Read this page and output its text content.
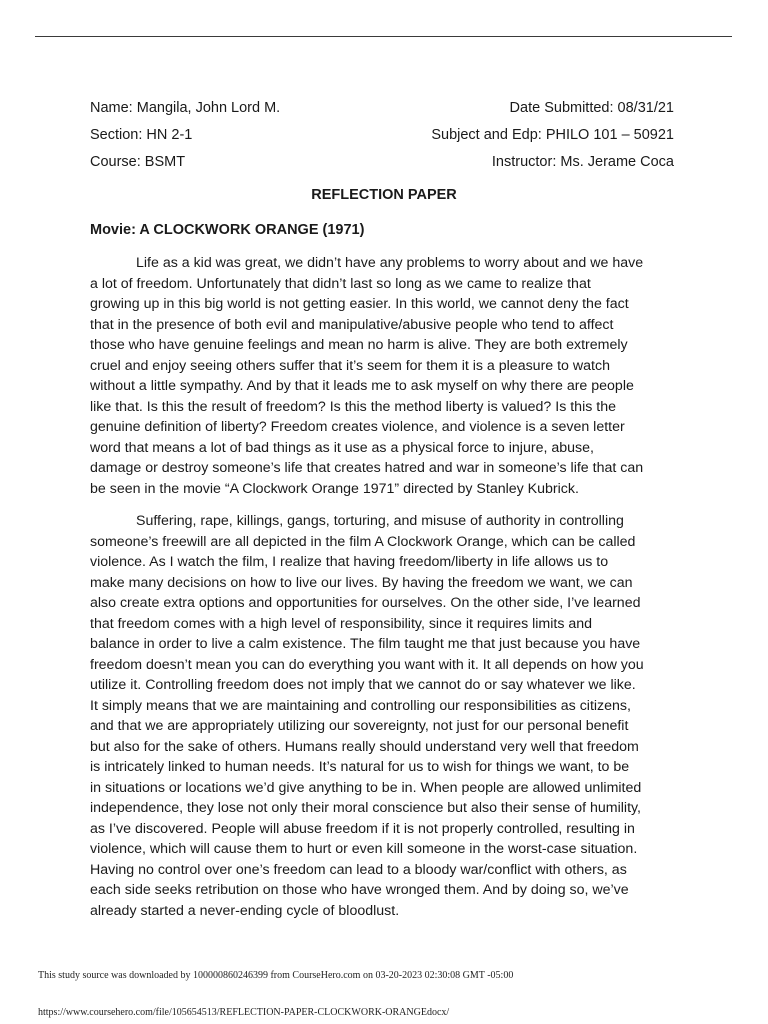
Name: Mangila, John Lord M.	Date Submitted: 08/31/21
Section: HN 2-1	Subject and Edp: PHILO 101 – 50921
Course: BSMT	Instructor: Ms. Jerame Coca
REFLECTION PAPER
Movie: A CLOCKWORK ORANGE (1971)

Life as a kid was great, we didn’t have any problems to worry about and we have
a lot of freedom. Unfortunately that didn’t last so long as we came to realize that
growing up in this big world is not getting easier. In this world, we cannot deny the fact
that in the presence of both evil and manipulative/abusive people who tend to affect
those who have genuine feelings and mean no harm is alive. They are both extremely
cruel and enjoy seeing others suffer that it’s seem for them it is a pleasure to watch
without a little sympathy. And by that it leads me to ask myself on why there are people
like that. Is this the result of freedom? Is this the method liberty is valued? Is this the
genuine definition of liberty? Freedom creates violence, and violence is a seven letter
word that means a lot of bad things as it use as a physical force to injure, abuse,
damage or destroy someone’s life that creates hatred and war in someone’s life that can
be seen in the movie “A Clockwork Orange 1971” directed by Stanley Kubrick.

Suffering, rape, killings, gangs, torturing, and misuse of authority in controlling
someone’s freewill are all depicted in the film A Clockwork Orange, which can be called
violence. As I watch the film, I realize that having freedom/liberty in life allows us to
make many decisions on how to live our lives. By having the freedom we want, we can
also create extra options and opportunities for ourselves. On the other side, I’ve learned
that freedom comes with a high level of responsibility, since it requires limits and
balance in order to live a calm existence. The film taught me that just because you have
freedom doesn’t mean you can do everything you want with it. It all depends on how you
utilize it. Controlling freedom does not imply that we cannot do or say whatever we like.
It simply means that we are maintaining and controlling our responsibilities as citizens,
and that we are appropriately utilizing our sovereignty, not just for our personal benefit
but also for the sake of others. Humans really should understand very well that freedom
is intricately linked to human needs. It’s natural for us to wish for things we want, to be
in situations or locations we’d give anything to be in. When people are allowed unlimited
independence, they lose not only their moral conscience but also their sense of humility,
as I’ve discovered. People will abuse freedom if it is not properly controlled, resulting in
violence, which will cause them to hurt or even kill someone in the worst-case situation.
Having no control over one’s freedom can lead to a bloody war/conflict with others, as
each side seeks retribution on those who have wronged them. And by doing so, we’ve
already started a never-ending cycle of bloodlust.

This study source was downloaded by 100000860246399 from CourseHero.com on 03-20-2023 02:30:08 GMT -05:00
https://www.coursehero.com/file/105654513/REFLECTION-PAPER-CLOCKWORK-ORANGEdocx/
